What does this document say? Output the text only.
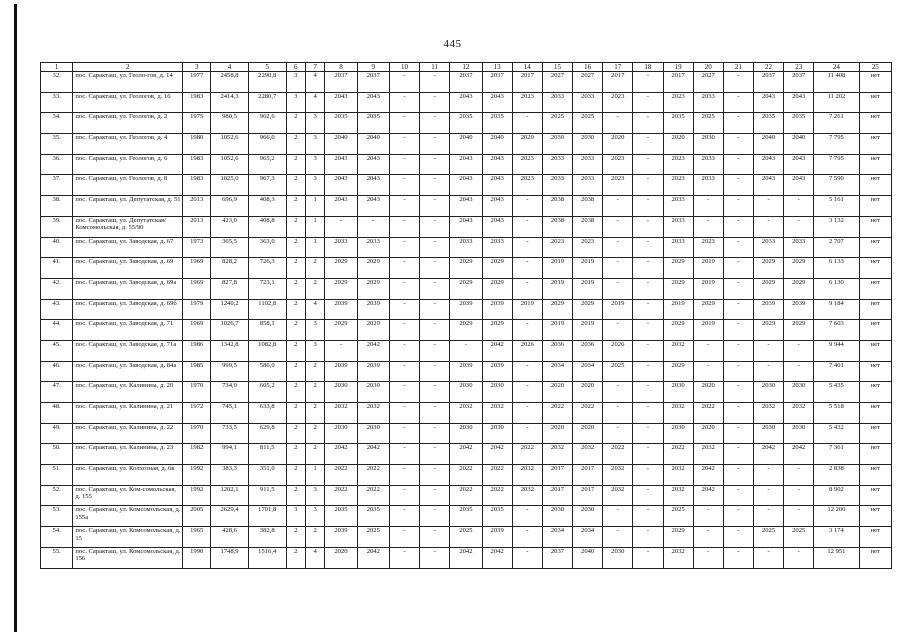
445
1	2	3	4	5	6	7	8	9	10	11	12	13	14	15	16	17	18	19	20	21	22	23	24	25
32.	пос. Саракташ, ул. Геоло-гов, д. 14	1977	2458,8	2290,8	3	4	2037	2037	-	-	2037	2037	2017	2027	2027	2017	-	2017	2027	-	2037	2037	11 408	нет
33.	пос. Саракташ, ул. Геологов, д. 16	1983	2414,3	2280,7	3	4	2043	2043	-	-	2043	2043	2023	2033	2033	2023	-	2023	2033	-	2043	2043	11 202	нет
34.	пос. Саракташ, ул. Геологов, д. 2	1975	980,5	962,6	2	3	2035	2035	-	-	2035	2035	-	2025	2025	-	-	2035	2025	-	2035	2035	7 261	нет
35.	пос. Саракташ, ул. Геологов, д. 4	1980	1052,6	966,0	2	3	2040	2040	-	-	2040	2040	2020	2030	2030	2020	-	2020	2030	-	2040	2040	7 795	нет
36.	пос. Саракташ, ул. Геологов, д. 6	1983	1052,6	965,2	2	3	2043	2043	-	-	2043	2043	2023	2033	2033	2023	-	2023	2033	-	2043	2043	7 795	нет
37.	пос. Саракташ, ул. Геологов, д. 8	1983	1025,0	967,3	2	3	2043	2043	-	-	2043	2043	2023	2033	2033	2023	-	2023	2033	-	2043	2043	7 590	нет
38.	пос. Саракташ, ул. Депутатская, д. 51	2013	696,9	408,3	2	1	2043	2043	-	-	2043	2043	-	2038	2038	-	-	2033	-	-	-	-	5 161	нет
39.	пос. Саракташ, ул. Депутатская/ Комсомольская, д. 55/90	2013	423,0	408,8	2	1	-	-	-	-	2043	2043	-	2038	2038	-	-	2033	-	-	-	-	3 132	нет
40.	пос. Саракташ, ул. Заводская, д. 67	1973	365,5	363,0	2	1	2033	2033	-	-	2033	2033	-	2023	2023	-	-	2033	2023	-	2033	2033	2 707	нет
41.	пос. Саракташ, ул. Заводская, д. 69	1969	828,2	726,3	2	2	2029	2029	-	-	2029	2029	-	2019	2019	-	-	2029	2019	-	2029	2029	6 133	нет
42.	пос. Саракташ, ул. Заводская, д. 69а	1969	827,8	723,1	2	2	2029	2029	-	-	2029	2029	-	2019	2019	-	-	2029	2019	-	2029	2029	6 130	нет
43.	пос. Саракташ, ул. Заводская, д. 69б	1979	1240,2	1102,8	2	4	2039	2039	-	-	2039	2039	2019	2029	2029	2019	-	2019	2029	-	2039	2039	9 184	нет
44.	пос. Саракташ, ул. Заводская, д. 71	1969	1026,7	858,1	2	3	2029	2029	-	-	2029	2029	-	2019	2019	-	-	2029	2019	-	2029	2029	7 603	нет
45.	пос. Саракташ, ул. Заводская, д. 71а	1986	1342,8	1082,8	2	3	-	2042	-	-	-	2042	2026	2036	2036	2026	-	2032	-	-	-	-	9 944	нет
46.	пос. Саракташ, ул. Заводская, д. 84а	1985	999,5	586,0	2	2	2039	2039	-	-	2039	2039	-	2034	2034	2025	-	2029	-	-	-	-	7 401	нет
47.	пос. Саракташ, ул. Калинина, д. 20	1970	734,0	605,2	2	2	2030	2030	-	-	2030	2030	-	2020	2020	-	-	2030	2020	-	2030	2030	5 435	нет
48.	пос. Саракташ, ул. Калинина, д. 21	1972	745,1	633,8	2	2	2032	2032	-	-	2032	2032	-	2022	2022	-	-	2032	2022	-	2032	2032	5 518	нет
49.	пос. Саракташ, ул. Калинина, д. 22	1970	733,5	629,8	2	2	2030	2030	-	-	2030	2030	-	2020	2020	-	-	2030	2020	-	2030	2030	5 432	нет
50.	пос. Саракташ, ул. Калинина, д. 23	1982	994,1	811,5	2	2	2042	2042	-	-	2042	2042	2022	2032	2032	2022	-	2022	2032	-	2042	2042	7 361	нет
51.	пос. Саракташ, ул. Колхозная, д. 6в	1992	383,3	351,0	2	1	2022	2022	-	-	2022	2022	2032	2017	2017	2032	-	2032	2042	-	-	-	2 838	нет
52.	пос. Саракташ, ул. Ком-сомольская, д. 155	1992	1202,1	911,5	2	3	2022	2022	-	-	2022	2022	2032	2017	2017	2032	-	2032	2042	-	-	-	8 902	нет
53.	пос. Саракташ, ул. Комсомольская, д. 155а	2005	2629,4	1701,8	3	3	2035	2035	-	-	2035	2035	-	2030	2030	-	-	2025	-	-	-	-	12 200	нет
54.	пос. Саракташ, ул. Комсомольская, д. 15	1965	428,6	382,8	2	2	2039	2025	-	-	2025	2039	-	2034	2034	-	-	2029	-	-	2025	2025	3 174	нет
55.	пос. Саракташ, ул. Комсомольская, д. 156	1990	1748,9	1516,4	2	4	2020	2042	-	-	2042	2042	-	2037	2040	2030	-	2032	-	-	-	-	12 951	нет
